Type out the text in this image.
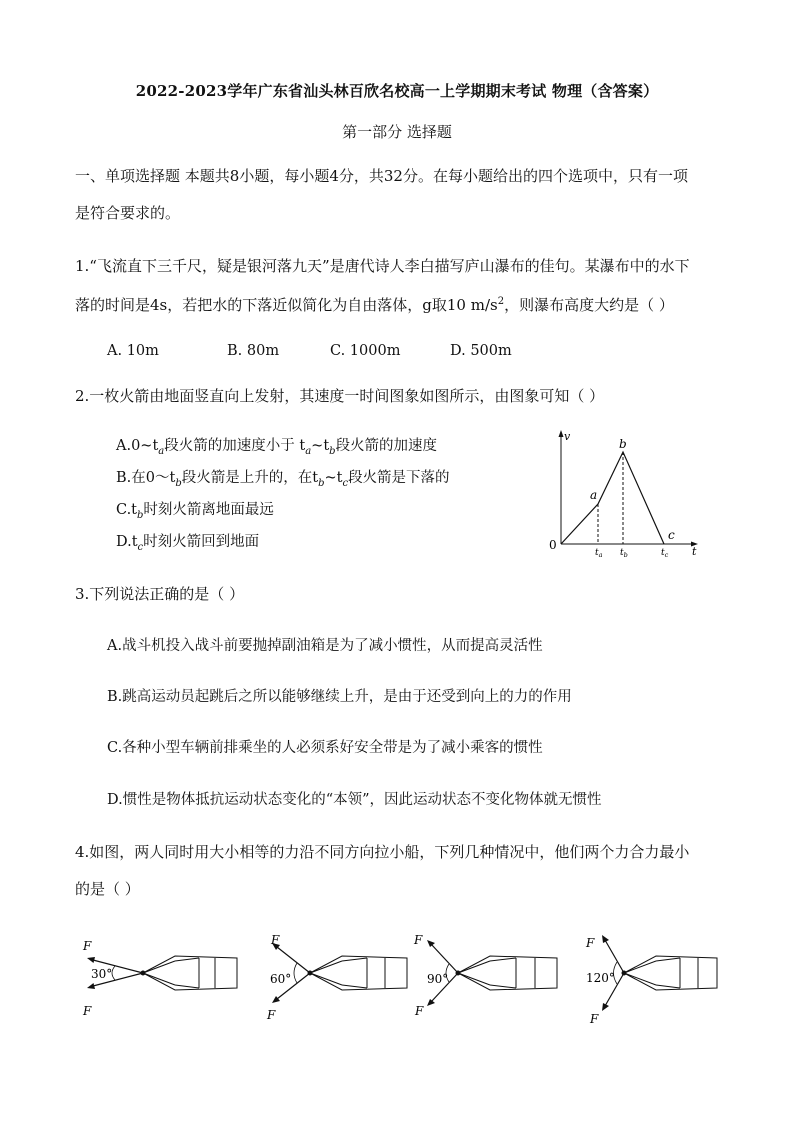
2022-2023学年广东省汕头林百欣名校高一上学期期末考试 物理（含答案）
第一部分 选择题
一、单项选择题 本题共8小题，每小题4分，共32分。在每小题给出的四个选项中，只有一项
是符合要求的。
1.“飞流直下三千尺，疑是银河落九天”是唐代诗人李白描写庐山瀑布的佳句。某瀑布中的水下
落的时间是4s，若把水的下落近似简化为自由落体，g取10 $m/s^2$，则瀑布高度大约是（ ）
A. 10m	B. 80m	C. 1000m	D. 500m
2.一枚火箭由地面竖直向上发射，其速度一时间图象如图所示，由图象可知（ ）
$A.0\sim t_a$段火箭的加速度小于 $t_a\sim t_b$段火箭的加速度
B.在$0\sim t_b$段火箭是上升的，在$t_b\sim t_c$段火箭是下落的
$C.t_b$时刻火箭离地面最远
$D.t_c$时刻火箭回到地面
v
t
0
a
b
c
$t_a$ $t_b$	$t_c$
3.下列说法正确的是（ ）
A.战斗机投入战斗前要抛掉副油箱是为了减小惯性，从而提高灵活性
B.跳高运动员起跳后之所以能够继续上升，是由于还受到向上的力的作用
C.各种小型车辆前排乘坐的人必须系好安全带是为了减小乘客的惯性
D.惯性是物体抵抗运动状态变化的“本领”，因此运动状态不变化物体就无惯性
4.如图，两人同时用大小相等的力沿不同方向拉小船，下列几种情况中，他们两个力合力最小
的是（ ）
F
F
30°
F
F
60°
F
F
90°
F
F
120°
